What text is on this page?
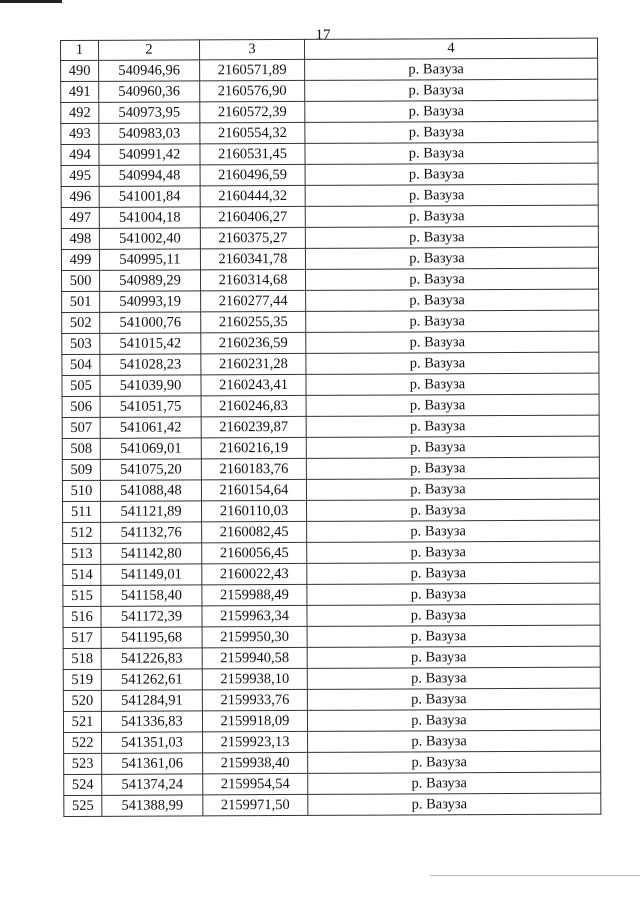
17
1	2	3	4
490	540946,96	2160571,89	р. Вазуза
491	540960,36	2160576,90	р. Вазуза
492	540973,95	2160572,39	р. Вазуза
493	540983,03	2160554,32	р. Вазуза
494	540991,42	2160531,45	р. Вазуза
495	540994,48	2160496,59	р. Вазуза
496	541001,84	2160444,32	р. Вазуза
497	541004,18	2160406,27	р. Вазуза
498	541002,40	2160375,27	р. Вазуза
499	540995,11	2160341,78	р. Вазуза
500	540989,29	2160314,68	р. Вазуза
501	540993,19	2160277,44	р. Вазуза
502	541000,76	2160255,35	р. Вазуза
503	541015,42	2160236,59	р. Вазуза
504	541028,23	2160231,28	р. Вазуза
505	541039,90	2160243,41	р. Вазуза
506	541051,75	2160246,83	р. Вазуза
507	541061,42	2160239,87	р. Вазуза
508	541069,01	2160216,19	р. Вазуза
509	541075,20	2160183,76	р. Вазуза
510	541088,48	2160154,64	р. Вазуза
511	541121,89	2160110,03	р. Вазуза
512	541132,76	2160082,45	р. Вазуза
513	541142,80	2160056,45	р. Вазуза
514	541149,01	2160022,43	р. Вазуза
515	541158,40	2159988,49	р. Вазуза
516	541172,39	2159963,34	р. Вазуза
517	541195,68	2159950,30	р. Вазуза
518	541226,83	2159940,58	р. Вазуза
519	541262,61	2159938,10	р. Вазуза
520	541284,91	2159933,76	р. Вазуза
521	541336,83	2159918,09	р. Вазуза
522	541351,03	2159923,13	р. Вазуза
523	541361,06	2159938,40	р. Вазуза
524	541374,24	2159954,54	р. Вазуза
525	541388,99	2159971,50	р. Вазуза
